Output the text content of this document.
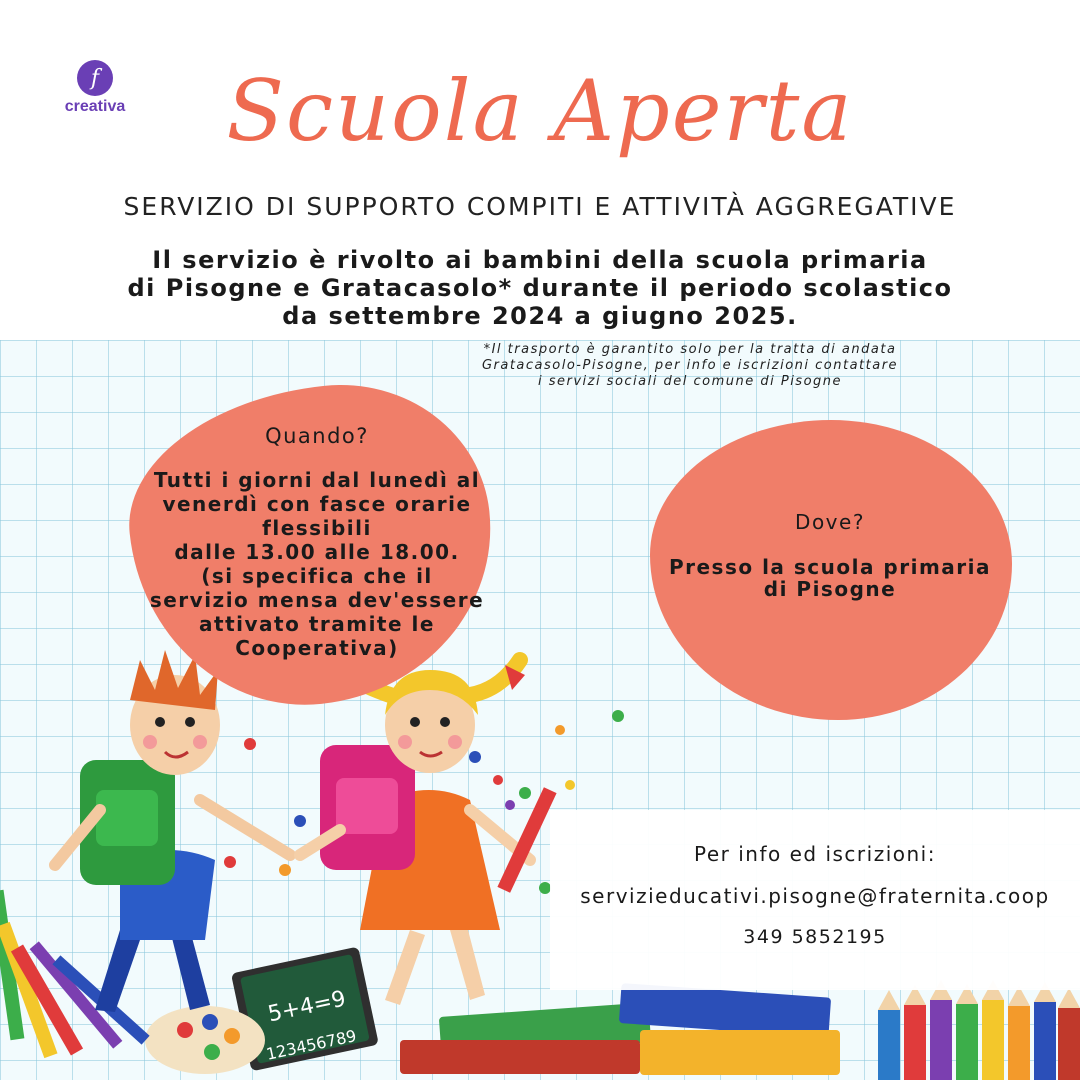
f
creativa	Scuola Aperta
SERVIZIO DI SUPPORTO COMPITI E ATTIVITÀ AGGREGATIVE
Il servizio è rivolto ai bambini della scuola primaria
di Pisogne e Gratacasolo* durante il periodo scolastico
da settembre 2024 a giugno 2025.
*Il trasporto è garantito solo per la tratta di andata
Gratacasolo-Pisogne, per info e iscrizioni contattare
i servizi sociali del comune di Pisogne
5+4=9
123456789
Quando?
Tutti i giorni dal lunedì al
venerdì con fasce orarie
flessibili
dalle 13.00 alle 18.00.
(si specifica che il
servizio mensa dev'essere
attivato tramite le
Cooperativa)
Dove?
Presso la scuola primaria
di Pisogne
Per info ed iscrizioni:
servizieducativi.pisogne@fraternita.coop
349 5852195
